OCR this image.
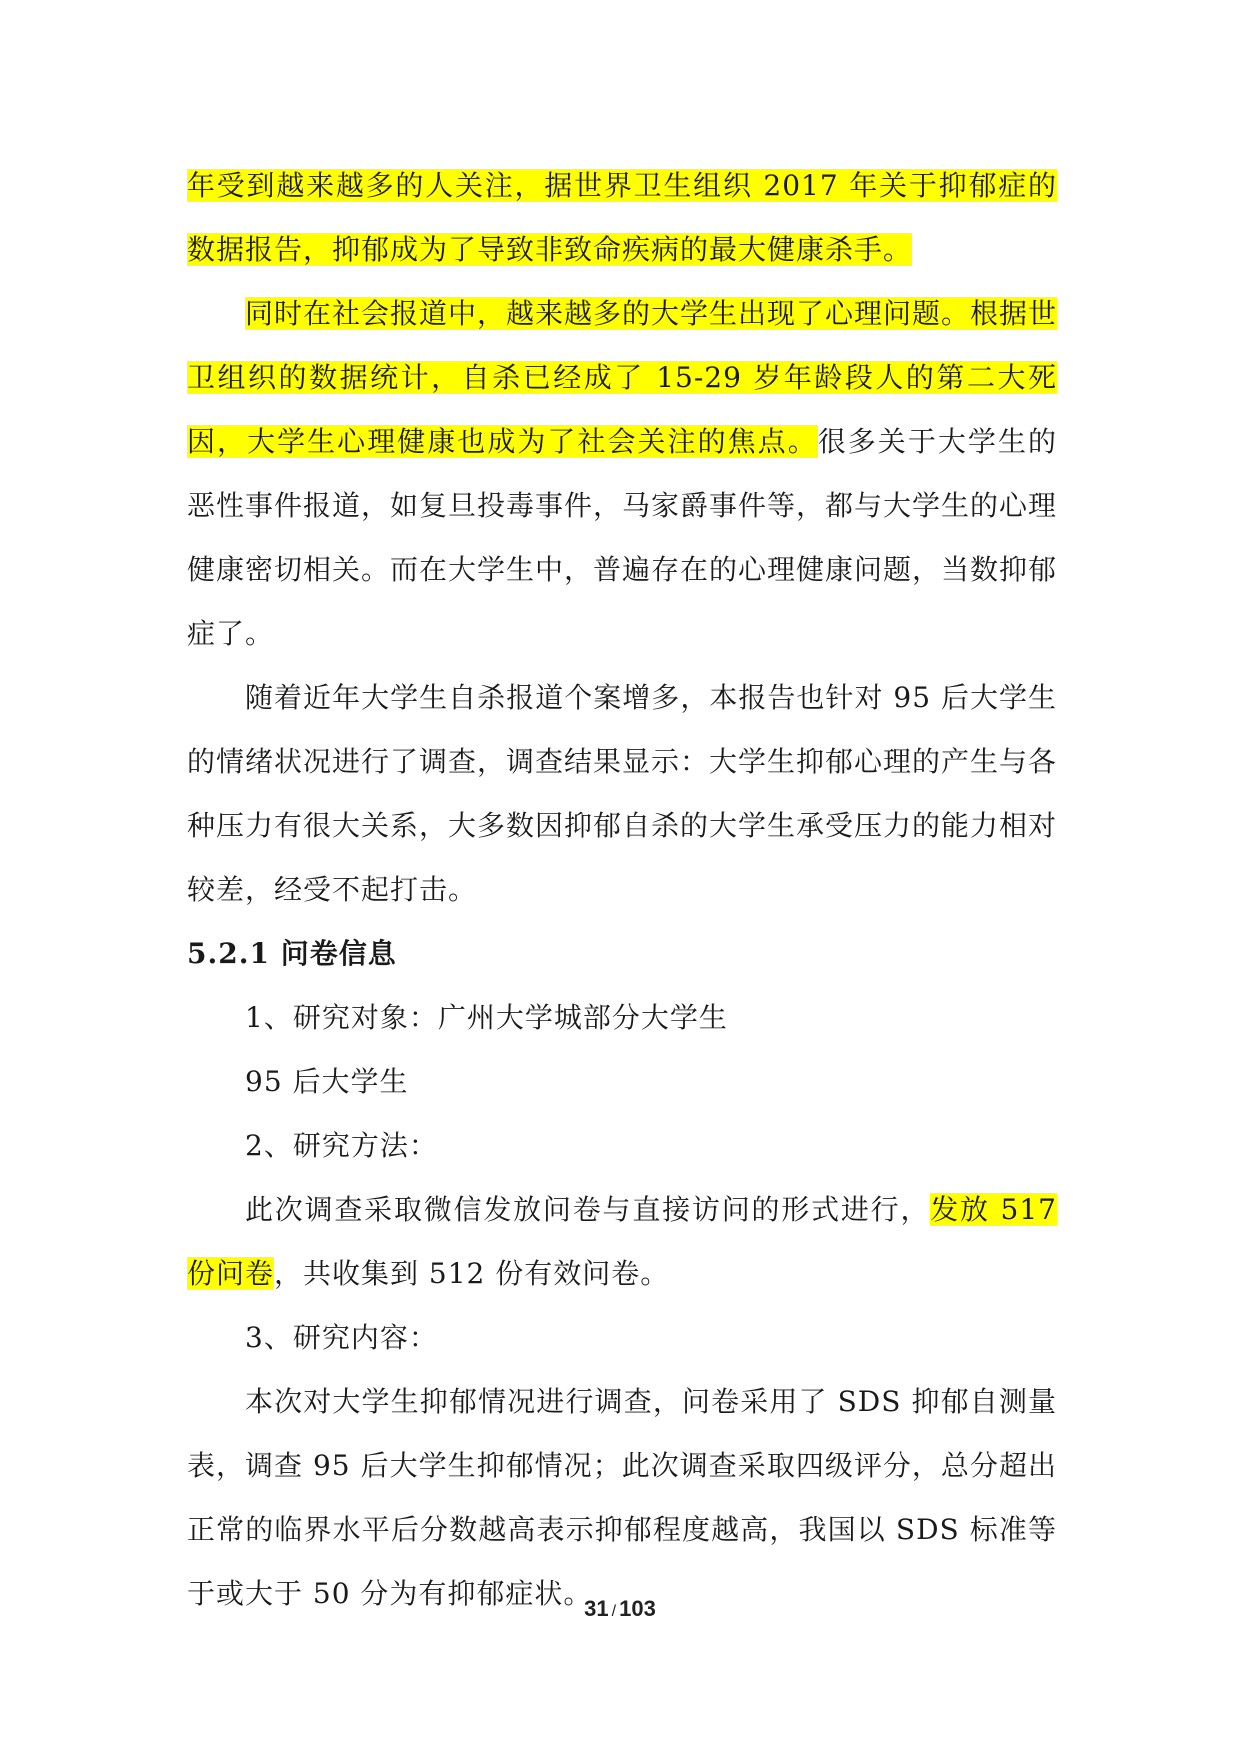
年受到越来越多的人关注，据世界卫生组织 2017 年关于抑郁症的数据报告，抑郁成为了导致非致命疾病的最大健康杀手。

同时在社会报道中，越来越多的大学生出现了心理问题。根据世卫组织的数据统计，自杀已经成了 15-29 岁年龄段人的第二大死因，大学生心理健康也成为了社会关注的焦点。很多关于大学生的恶性事件报道，如复旦投毒事件，马家爵事件等，都与大学生的心理健康密切相关。而在大学生中，普遍存在的心理健康问题，当数抑郁症了。

随着近年大学生自杀报道个案增多，本报告也针对 95 后大学生的情绪状况进行了调查，调查结果显示：大学生抑郁心理的产生与各种压力有很大关系，大多数因抑郁自杀的大学生承受压力的能力相对较差，经受不起打击。

5.2.1 问卷信息

1、研究对象：广州大学城部分大学生

95 后大学生

2、研究方法：

此次调查采取微信发放问卷与直接访问的形式进行，发放 517 份问卷，共收集到 512 份有效问卷。

3、研究内容：

本次对大学生抑郁情况进行调查，问卷采用了 SDS 抑郁自测量表，调查 95 后大学生抑郁情况；此次调查采取四级评分，总分超出正常的临界水平后分数越高表示抑郁程度越高，我国以 SDS 标准等于或大于 50 分为有抑郁症状。

31 / 103
